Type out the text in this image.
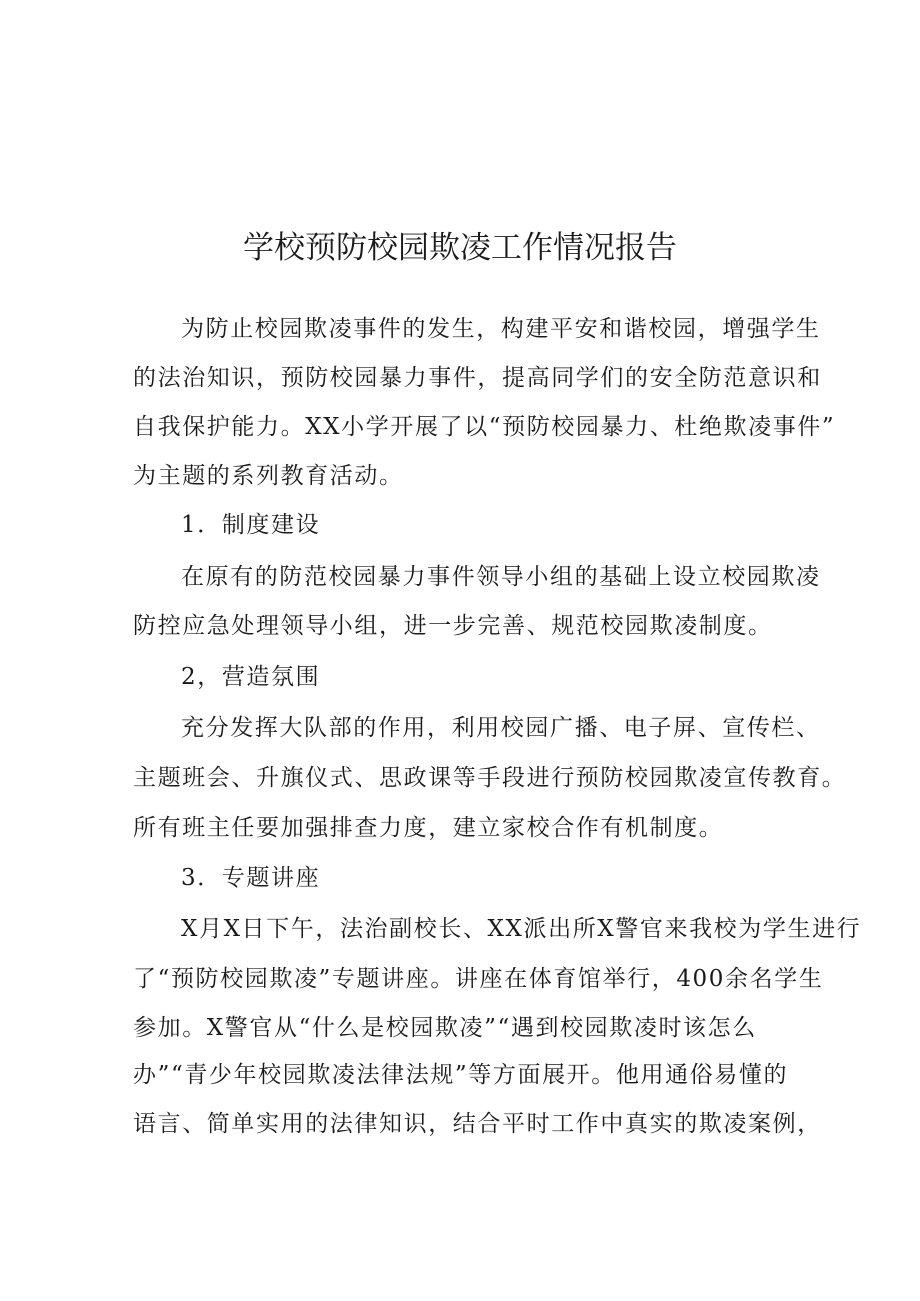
学校预防校园欺凌工作情况报告
为防止校园欺凌事件的发生，构建平安和谐校园，增强学生
的法治知识，预防校园暴力事件，提高同学们的安全防范意识和
自我保护能力。XX小学开展了以“预防校园暴力、杜绝欺凌事件”
为主题的系列教育活动。
1．制度建设
在原有的防范校园暴力事件领导小组的基础上设立校园欺凌
防控应急处理领导小组，进一步完善、规范校园欺凌制度。
2，营造氛围
充分发挥大队部的作用，利用校园广播、电子屏、宣传栏、
主题班会、升旗仪式、思政课等手段进行预防校园欺凌宣传教育。
所有班主任要加强排查力度，建立家校合作有机制度。
3．专题讲座
X月X日下午，法治副校长、XX派出所X警官来我校为学生进行
了“预防校园欺凌”专题讲座。讲座在体育馆举行，400余名学生
参加。X警官从“什么是校园欺凌”“遇到校园欺凌时该怎么
办”“青少年校园欺凌法律法规”等方面展开。他用通俗易懂的
语言、简单实用的法律知识，结合平时工作中真实的欺凌案例，
